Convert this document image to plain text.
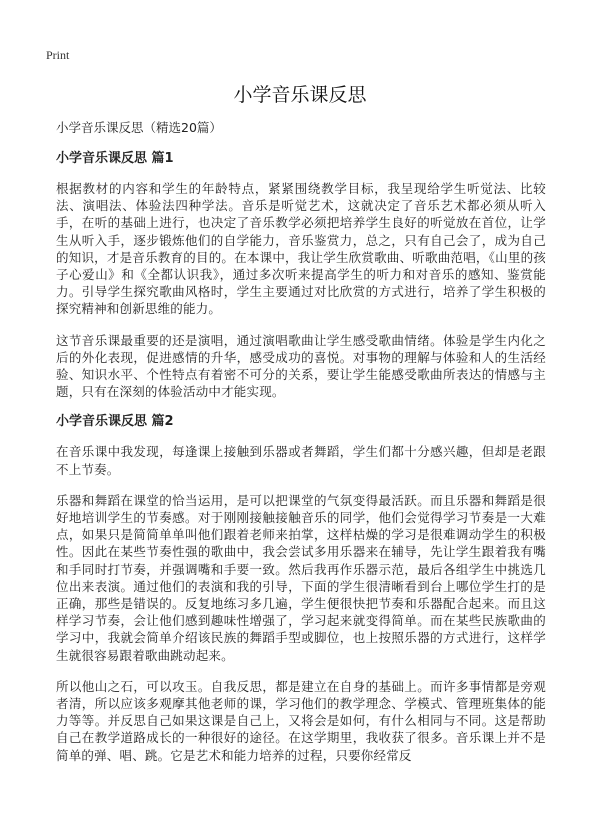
Print
小学音乐课反思

小学音乐课反思（精选20篇）

小学音乐课反思 篇1

根据教材的内容和学生的年龄特点，紧紧围绕教学目标，我呈现给学生听觉法、比较法、演唱法、体验法四种学法。音乐是听觉艺术，这就决定了音乐艺术都必须从听入手，在听的基础上进行，也决定了音乐教学必须把培养学生良好的听觉放在首位，让学生从听入手，逐步锻炼他们的自学能力，音乐鉴赏力，总之，只有自己会了，成为自己的知识，才是音乐教育的目的。在本课中，我让学生欣赏歌曲、听歌曲范唱，《山里的孩子心爱山》和《全都认识我》，通过多次听来提高学生的听力和对音乐的感知、鉴赏能力。引导学生探究歌曲风格时，学生主要通过对比欣赏的方式进行，培养了学生积极的探究精神和创新思维的能力。

这节音乐课最重要的还是演唱，通过演唱歌曲让学生感受歌曲情绪。体验是学生内化之后的外化表现，促进感情的升华，感受成功的喜悦。对事物的理解与体验和人的生活经验、知识水平、个性特点有着密不可分的关系，要让学生能感受歌曲所表达的情感与主题，只有在深刻的体验活动中才能实现。

小学音乐课反思 篇2

在音乐课中我发现，每逢课上接触到乐器或者舞蹈，学生们都十分感兴趣，但却是老跟不上节奏。

乐器和舞蹈在课堂的恰当运用，是可以把课堂的气氛变得最活跃。而且乐器和舞蹈是很好地培训学生的节奏感。对于刚刚接触接触音乐的同学，他们会觉得学习节奏是一大难点，如果只是简简单单叫他们跟着老师来拍掌，这样枯燥的学习是很难调动学生的积极性。因此在某些节奏性强的歌曲中，我会尝试多用乐器来在辅导，先让学生跟着我有嘴和手同时打节奏，并强调嘴和手要一致。然后我再作乐器示范，最后各组学生中挑选几位出来表演。通过他们的表演和我的引导，下面的学生很清晰看到台上哪位学生打的是正确，那些是错误的。反复地练习多几遍，学生便很快把节奏和乐器配合起来。而且这样学习节奏，会让他们感到趣味性增强了，学习起来就变得简单。而在某些民族歌曲的学习中，我就会简单介绍该民族的舞蹈手型或脚位，也上按照乐器的方式进行，这样学生就很容易跟着歌曲跳动起来。

所以他山之石，可以攻玉。自我反思，都是建立在自身的基础上。而许多事情都是旁观者清，所以应该多观摩其他老师的课，学习他们的教学理念、学模式、管理班集体的能力等等。并反思自己如果这课是自己上，又将会是如何，有什么相同与不同。这是帮助自己在教学道路成长的一种很好的途径。在这学期里，我收获了很多。音乐课上并不是简单的弹、唱、跳。它是艺术和能力培养的过程，只要你经常反
